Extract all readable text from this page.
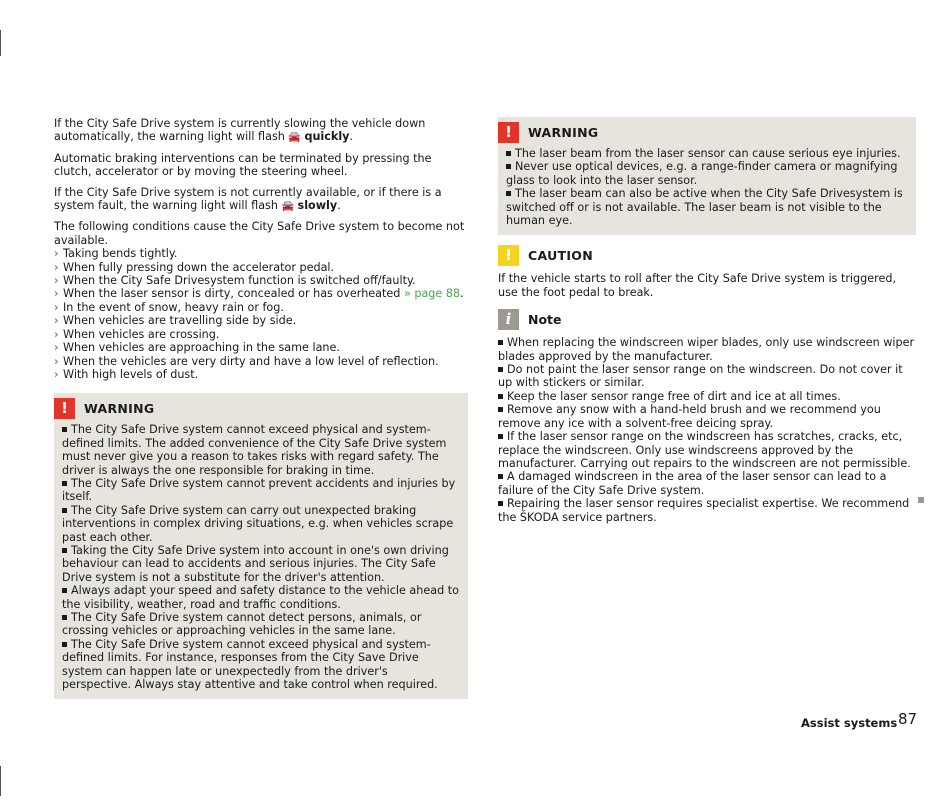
If the City Safe Drive system is currently slowing the vehicle down automatically, the warning light will flash 🚘 quickly.

Automatic braking interventions can be terminated by pressing the clutch, accelerator or by moving the steering wheel.

If the City Safe Drive system is not currently available, or if there is a system fault, the warning light will flash 🚘 slowly.

The following conditions cause the City Safe Drive system to become not available.

› Taking bends tightly.
› When fully pressing down the accelerator pedal.
› When the City Safe Drivesystem function is switched off/faulty.
› When the laser sensor is dirty, concealed or has overheated » page 88.
› In the event of snow, heavy rain or fog.
› When vehicles are travelling side by side.
› When vehicles are crossing.
› When vehicles are approaching in the same lane.
› When the vehicles are very dirty and have a low level of reflection.
› With high levels of dust.
!	WARNING
The City Safe Drive system cannot exceed physical and system-defined limits. The added convenience of the City Safe Drive system must never give you a reason to takes risks with regard safety. The driver is always the one responsible for braking in time.
The City Safe Drive system cannot prevent accidents and injuries by itself.
The City Safe Drive system can carry out unexpected braking interventions in complex driving situations, e.g. when vehicles scrape past each other.
Taking the City Safe Drive system into account in one's own driving behaviour can lead to accidents and serious injuries. The City Safe Drive system is not a substitute for the driver's attention.
Always adapt your speed and safety distance to the vehicle ahead to the visibility, weather, road and traffic conditions.
The City Safe Drive system cannot detect persons, animals, or crossing vehicles or approaching vehicles in the same lane.
The City Safe Drive system cannot exceed physical and system-defined limits. For instance, responses from the City Save Drive system can happen late or unexpectedly from the driver's perspective. Always stay attentive and take control when required.
!	WARNING
The laser beam from the laser sensor can cause serious eye injuries.
Never use optical devices, e.g. a range-finder camera or magnifying glass to look into the laser sensor.
The laser beam can also be active when the City Safe Drivesystem is switched off or is not available. The laser beam is not visible to the human eye.
!	CAUTION

If the vehicle starts to roll after the City Safe Drive system is triggered, use the foot pedal to break.

i	Note
When replacing the windscreen wiper blades, only use windscreen wiper blades approved by the manufacturer.
Do not paint the laser sensor range on the windscreen. Do not cover it up with stickers or similar.
Keep the laser sensor range free of dirt and ice at all times.
Remove any snow with a hand-held brush and we recommend you remove any ice with a solvent-free deicing spray.
If the laser sensor range on the windscreen has scratches, cracks, etc, replace the windscreen. Only use windscreens approved by the manufacturer. Carrying out repairs to the windscreen are not permissible.
A damaged windscreen in the area of the laser sensor can lead to a failure of the City Safe Drive system.
Repairing the laser sensor requires specialist expertise. We recommend the ŠKODA service partners.
Assist systems 87
